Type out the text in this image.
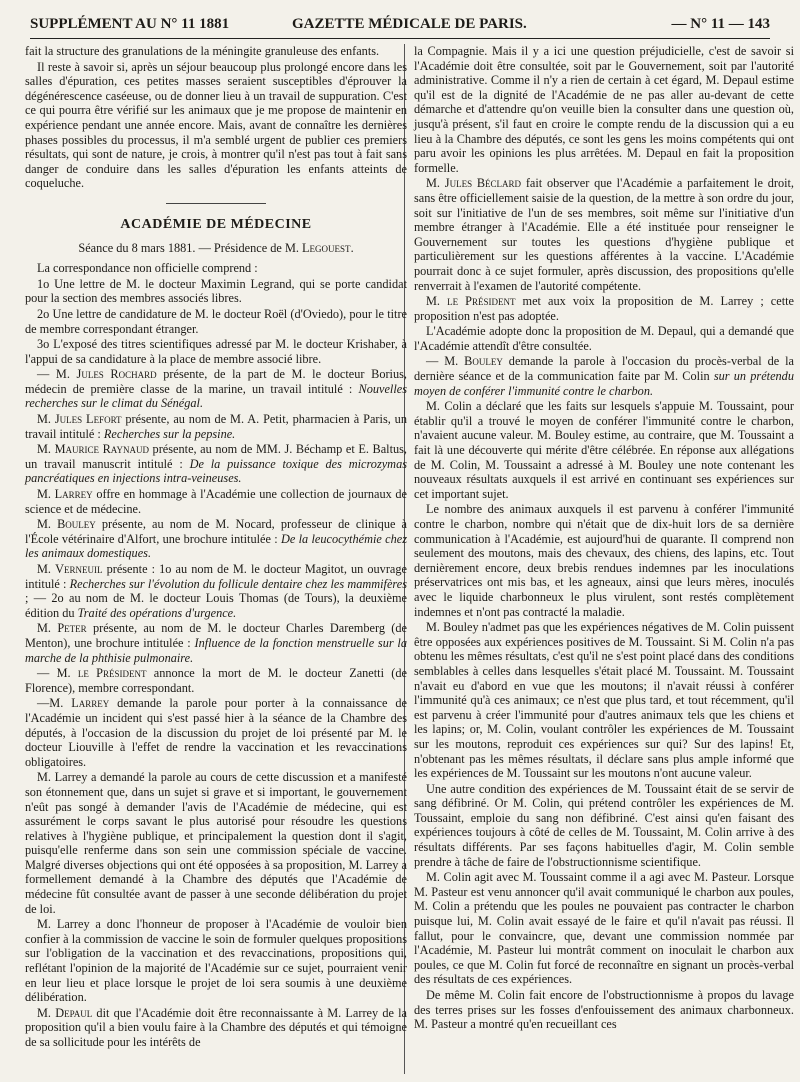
SUPPLÉMENT AU N° 11 1881	GAZETTE MÉDICALE DE PARIS.	— N° 11 — 143

fait la structure des granulations de la méningite granuleuse des enfants.

Il reste à savoir si, après un séjour beaucoup plus prolongé encore dans les salles d'épuration, ces petites masses seraient susceptibles d'éprouver la dégénérescence caséeuse, ou de donner lieu à un travail de suppuration. C'est ce qui pourra être vérifié sur les animaux que je me propose de maintenir en expérience pendant une année encore. Mais, avant de connaître les dernières phases possibles du processus, il m'a semblé urgent de publier ces premiers résultats, qui sont de nature, je crois, à montrer qu'il n'est pas tout à fait sans danger de conduire dans les salles d'épuration les enfants atteints de coqueluche.

ACADÉMIE DE MÉDECINE
Séance du 8 mars 1881. — Présidence de M. Legouest.

La correspondance non officielle comprend :

1o Une lettre de M. le docteur Maximin Legrand, qui se porte candidat pour la section des membres associés libres.

2o Une lettre de candidature de M. le docteur Roël (d'Oviedo), pour le titre de membre correspondant étranger.

3o L'exposé des titres scientifiques adressé par M. le docteur Krishaber, à l'appui de sa candidature à la place de membre associé libre.

— M. Jules Rochard présente, de la part de M. le docteur Borius, médecin de première classe de la marine, un travail intitulé : Nouvelles recherches sur le climat du Sénégal.

M. Jules Lefort présente, au nom de M. A. Petit, pharmacien à Paris, un travail intitulé : Recherches sur la pepsine.

M. Maurice Raynaud présente, au nom de MM. J. Béchamp et E. Baltus, un travail manuscrit intitulé : De la puissance toxique des microzymas pancréatiques en injections intra-veineuses.

M. Larrey offre en hommage à l'Académie une collection de journaux de science et de médecine.

M. Bouley présente, au nom de M. Nocard, professeur de clinique à l'École vétérinaire d'Alfort, une brochure intitulée : De la leucocythémie chez les animaux domestiques.

M. Verneuil présente : 1o au nom de M. le docteur Magitot, un ouvrage intitulé : Recherches sur l'évolution du follicule dentaire chez les mammifères ; — 2o au nom de M. le docteur Louis Thomas (de Tours), la deuxième édition du Traité des opérations d'urgence.

M. Peter présente, au nom de M. le docteur Charles Daremberg (de Menton), une brochure intitulée : Influence de la fonction menstruelle sur la marche de la phthisie pulmonaire.

— M. le Président annonce la mort de M. le docteur Zanetti (de Florence), membre correspondant.

—M. Larrey demande la parole pour porter à la connaissance de l'Académie un incident qui s'est passé hier à la séance de la Chambre des députés, à l'occasion de la discussion du projet de loi présenté par M. le docteur Liouville à l'effet de rendre la vaccination et les revaccinations obligatoires.

M. Larrey a demandé la parole au cours de cette discussion et a manifesté son étonnement que, dans un sujet si grave et si important, le gouvernement n'eût pas songé à demander l'avis de l'Académie de médecine, qui est assurément le corps savant le plus autorisé pour résoudre les questions relatives à l'hygiène publique, et principalement la question dont il s'agit, puisqu'elle renferme dans son sein une commission spéciale de vaccine. Malgré diverses objections qui ont été opposées à sa proposition, M. Larrey a formellement demandé à la Chambre des députés que l'Académie de médecine fût consultée avant de passer à une seconde délibération du projet de loi.

M. Larrey a donc l'honneur de proposer à l'Académie de vouloir bien confier à la commission de vaccine le soin de formuler quelques propositions sur l'obligation de la vaccination et des revaccinations, propositions qui, reflétant l'opinion de la majorité de l'Académie sur ce sujet, pourraient venir en leur lieu et place lorsque le projet de loi sera soumis à une deuxième délibération.

M. Depaul dit que l'Académie doit être reconnaissante à M. Larrey de la proposition qu'il a bien voulu faire à la Chambre des députés et qui témoigne de sa sollicitude pour les intérêts de

la Compagnie. Mais il y a ici une question préjudicielle, c'est de savoir si l'Académie doit être consultée, soit par le Gouvernement, soit par l'autorité administrative. Comme il n'y a rien de certain à cet égard, M. Depaul estime qu'il est de la dignité de l'Académie de ne pas aller au-devant de cette démarche et d'attendre qu'on veuille bien la consulter dans une question où, jusqu'à présent, s'il faut en croire le compte rendu de la discussion qui a eu lieu à la Chambre des députés, ce sont les gens les moins compétents qui ont paru avoir les opinions les plus arrêtées. M. Depaul en fait la proposition formelle.

M. Jules Béclard fait observer que l'Académie a parfaitement le droit, sans être officiellement saisie de la question, de la mettre à son ordre du jour, soit sur l'initiative de l'un de ses membres, soit même sur l'initiative d'un membre étranger à l'Académie. Elle a été instituée pour renseigner le Gouvernement sur toutes les questions d'hygiène publique et particulièrement sur les questions afférentes à la vaccine. L'Académie pourrait donc à ce sujet formuler, après discussion, des propositions qu'elle renverrait à l'examen de l'autorité compétente.

M. le Président met aux voix la proposition de M. Larrey ; cette proposition n'est pas adoptée.

L'Académie adopte donc la proposition de M. Depaul, qui a demandé que l'Académie attendît d'être consultée.

— M. Bouley demande la parole à l'occasion du procès-verbal de la dernière séance et de la communication faite par M. Colin sur un prétendu moyen de conférer l'immunité contre le charbon.

M. Colin a déclaré que les faits sur lesquels s'appuie M. Toussaint, pour établir qu'il a trouvé le moyen de conférer l'immunité contre le charbon, n'avaient aucune valeur. M. Bouley estime, au contraire, que M. Toussaint a fait là une découverte qui mérite d'être célébrée. En réponse aux allégations de M. Colin, M. Toussaint a adressé à M. Bouley une note contenant les nouveaux résultats auxquels il est arrivé en continuant ses expériences sur cet important sujet.

Le nombre des animaux auxquels il est parvenu à conférer l'immunité contre le charbon, nombre qui n'était que de dix-huit lors de sa dernière communication à l'Académie, est aujourd'hui de quarante. Il comprend non seulement des moutons, mais des chevaux, des chiens, des lapins, etc. Tout dernièrement encore, deux brebis rendues indemnes par les inoculations préservatrices ont mis bas, et les agneaux, ainsi que leurs mères, inoculés avec le liquide charbonneux le plus virulent, sont restés complètement indemnes et n'ont pas contracté la maladie.

M. Bouley n'admet pas que les expériences négatives de M. Colin puissent être opposées aux expériences positives de M. Toussaint. Si M. Colin n'a pas obtenu les mêmes résultats, c'est qu'il ne s'est point placé dans des conditions semblables à celles dans lesquelles s'était placé M. Toussaint. M. Toussaint n'avait eu d'abord en vue que les moutons; il n'avait réussi à conférer l'immunité qu'à ces animaux; ce n'est que plus tard, et tout récemment, qu'il est parvenu à créer l'immunité pour d'autres animaux tels que les chiens et les lapins; or, M. Colin, voulant contrôler les expériences de M. Toussaint sur les moutons, reproduit ces expériences sur qui? Sur des lapins! Et, n'obtenant pas les mêmes résultats, il déclare sans plus ample informé que les expériences de M. Toussaint sur les moutons n'ont aucune valeur.

Une autre condition des expériences de M. Toussaint était de se servir de sang défibriné. Or M. Colin, qui prétend contrôler les expériences de M. Toussaint, emploie du sang non défibriné. C'est ainsi qu'en faisant des expériences toujours à côté de celles de M. Toussaint, M. Colin arrive à des résultats différents. Par ses façons habituelles d'agir, M. Colin semble prendre à tâche de faire de l'obstructionnisme scientifique.

M. Colin agit avec M. Toussaint comme il a agi avec M. Pasteur. Lorsque M. Pasteur est venu annoncer qu'il avait communiqué le charbon aux poules, M. Colin a prétendu que les poules ne pouvaient pas contracter le charbon puisque lui, M. Colin avait essayé de le faire et qu'il n'avait pas réussi. Il fallut, pour le convaincre, que, devant une commission nommée par l'Académie, M. Pasteur lui montrât comment on inoculait le charbon aux poules, ce que M. Colin fut forcé de reconnaître en signant un procès-verbal des résultats de ces expériences.

De même M. Colin fait encore de l'obstructionnisme à propos du lavage des terres prises sur les fosses d'enfouissement des animaux charbonneux. M. Pasteur a montré qu'en recueillant ces
